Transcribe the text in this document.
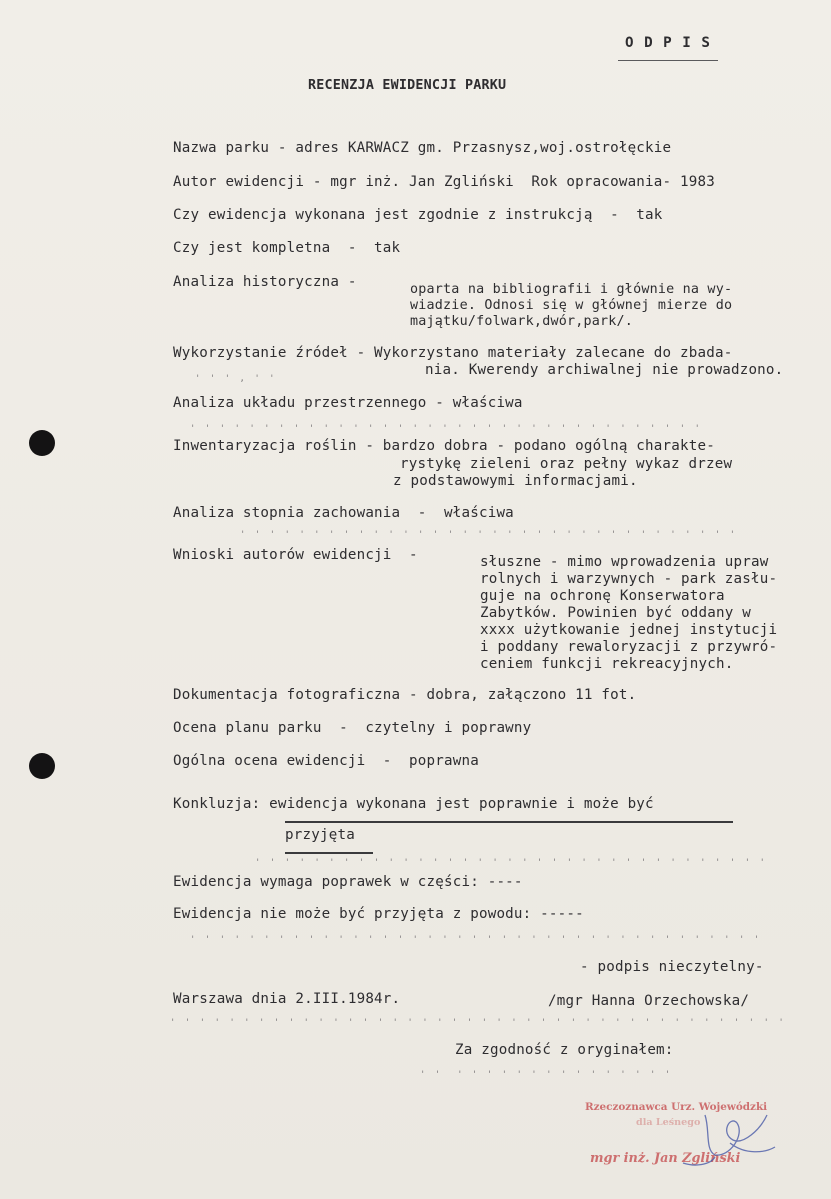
O D P I S
RECENZJA EWIDENCJI PARKU
Nazwa parku - adres KARWACZ gm. Przasnysz,woj.ostrołęckie
Autor ewidencji - mgr inż. Jan Zgliński  Rok opracowania- 1983
Czy ewidencja wykonana jest zgodnie z instrukcją  -  tak
Czy jest kompletna  -  tak
Analiza historyczna -	oparta na bibliografii i głównie na wy-
wiadzie. Odnosi się w głównej mierze do
majątku/folwark,dwór,park/.
Wykorzystanie źródeł - Wykorzystano materiały zalecane do zbada-
nia. Kwerendy archiwalnej nie prowadzono.
' ' ' , ' '
Analiza układu przestrzennego - właściwa
' ' ' ' ' ' ' ' ' ' ' ' ' ' ' ' ' ' ' ' ' ' ' ' ' ' ' ' ' ' ' ' ' ' '
Inwentaryzacja roślin - bardzo dobra - podano ogólną charakte-
rystykę zieleni oraz pełny wykaz drzew
z podstawowymi informacjami.
Analiza stopnia zachowania  -  właściwa
' ' ' ' ' ' ' ' ' ' ' ' ' ' ' ' ' ' ' ' ' ' ' ' ' ' ' ' ' ' ' ' ' '
Wnioski autorów ewidencji  -	słuszne - mimo wprowadzenia upraw
rolnych i warzywnych - park zasłu-
guje na ochronę Konserwatora
Zabytków. Powinien być oddany w
xxxx użytkowanie jednej instytucji
i poddany rewaloryzacji z przywró-
ceniem funkcji rekreacyjnych.
Dokumentacja fotograficzna - dobra, załączono 11 fot.
Ocena planu parku  -  czytelny i poprawny
Ogólna ocena ewidencji  -  poprawna
Konkluzja: ewidencja wykonana jest poprawnie i może być
przyjęta
' ' ' ' ' ' ' ' ' ' ' ' ' ' ' ' ' ' ' ' ' ' ' ' ' ' ' ' ' ' ' ' ' ' '
Ewidencja wymaga poprawek w części: ----
Ewidencja nie może być przyjęta z powodu: -----
' ' ' ' ' ' ' ' ' ' ' ' ' ' ' ' ' ' ' ' ' ' ' ' ' ' ' ' ' ' ' ' ' ' ' ' ' ' '
- podpis nieczytelny-
Warszawa dnia 2.III.1984r.	/mgr Hanna Orzechowska/
' ' ' ' ' ' ' ' ' ' ' ' ' ' ' ' ' ' ' ' ' ' ' ' ' ' ' ' ' ' ' ' ' ' ' ' ' ' ' ' ' '
Za zgodność z oryginałem:
' '  ' ' ' ' ' ' ' ' ' ' ' ' ' ' '
Rzeczoznawca Urz. Wojewódzki
dla Leśnego
mgr inż. Jan Zgliński
